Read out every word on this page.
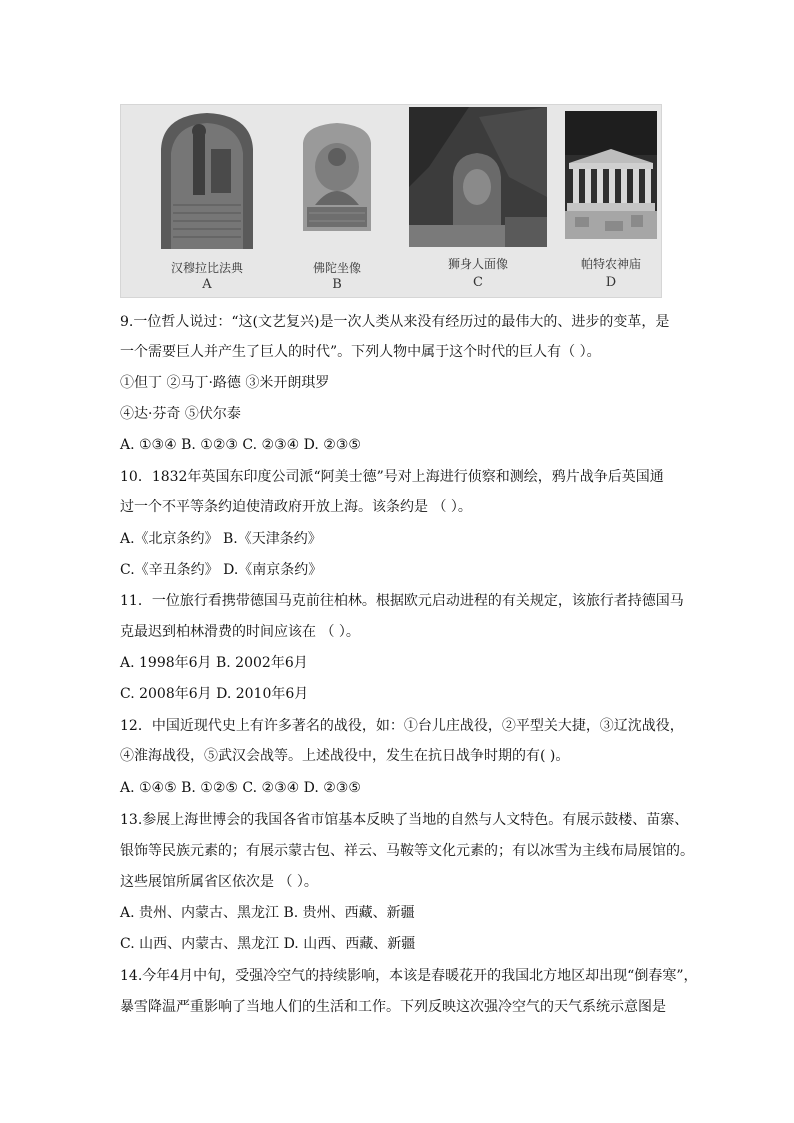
汉穆拉比法典
A
佛陀坐像
B
狮身人面像
C
帕特农神庙
D
9.一位哲人说过：“这(文艺复兴)是一次人类从来没有经历过的最伟大的、进步的变革，是
一个需要巨人并产生了巨人的时代”。下列人物中属于这个时代的巨人有（ ）。
①但丁 ②马丁·路德 ③米开朗琪罗
④达·芬奇 ⑤伏尔泰
A. ①③④ B. ①②③ C. ②③④ D. ②③⑤
10．1832年英国东印度公司派“阿美士德”号对上海进行侦察和测绘，鸦片战争后英国通
过一个不平等条约迫使清政府开放上海。该条约是 （ ）。
A.《北京条约》 B.《天津条约》
C.《辛丑条约》 D.《南京条约》
11．一位旅行看携带德国马克前往柏林。根据欧元启动进程的有关规定，该旅行者持德国马
克最迟到柏林滑费的时间应该在 （ ）。
A. 1998年6月 B. 2002年6月
C. 2008年6月 D. 2010年6月
12．中国近现代史上有许多著名的战役，如：①台儿庄战役，②平型关大捷，③辽沈战役，
④淮海战役，⑤武汉会战等。上述战役中，发生在抗日战争时期的有( )。
A. ①④⑤ B. ①②⑤ C. ②③④ D. ②③⑤
13.参展上海世博会的我国各省市馆基本反映了当地的自然与人文特色。有展示鼓楼、苗寨、
银饰等民族元素的；有展示蒙古包、祥云、马鞍等文化元素的；有以冰雪为主线布局展馆的。
这些展馆所属省区依次是 （ ）。
A. 贵州、内蒙古、黑龙江 B. 贵州、西藏、新疆
C. 山西、内蒙古、黑龙江 D. 山西、西藏、新疆
14.今年4月中旬，受强冷空气的持续影响，本该是春暖花开的我国北方地区却出现“倒春寒”，
暴雪降温严重影响了当地人们的生活和工作。下列反映这次强冷空气的天气系统示意图是
